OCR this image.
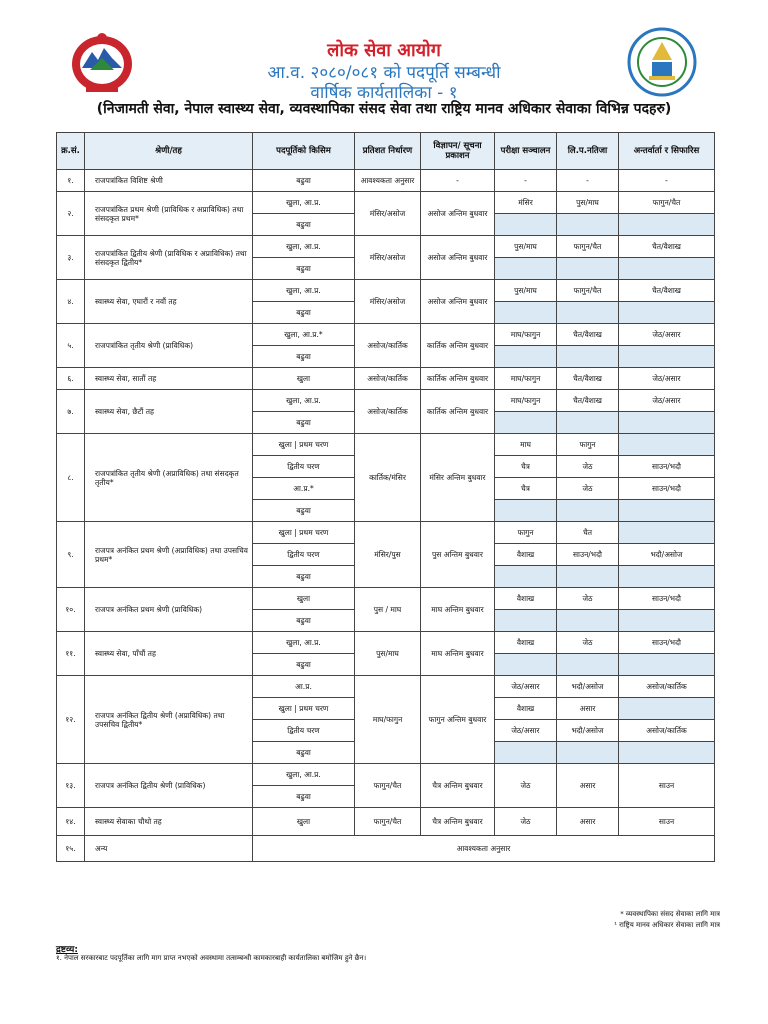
लोक सेवा आयोग
आ.व. २०८०/०८१ को पदपूर्ति सम्बन्धी
वार्षिक कार्यतालिका - १
(निजामती सेवा, नेपाल स्वास्थ्य सेवा, व्यवस्थापिका संसद सेवा तथा राष्ट्रिय मानव अधिकार सेवाका विभिन्न पदहरु)
क्र.सं.	श्रेणी/तह	पदपूर्तिको किसिम	प्रतिशत निर्धारण	विज्ञापन/ सूचना प्रकाशन	परीक्षा सञ्चालन	लि.प.नतिजा	अन्तर्वार्ता र सिफारिस
१.	राजपत्रांकित विशिष्ट श्रेणी	बढुवा	आवश्यकता अनुसार	-	-	-	-
२.	राजपत्रांकित प्रथम श्रेणी (प्राविधिक र अप्राविधिक) तथा संसदकृत प्रथम*	खुला, आ.प्र.	मंसिर/असोज	असोज अन्तिम बुधवार	मंसिर	पुस/माघ	फागुन/चैत
		बढुवा					
३.	राजपत्रांकित द्वितीय श्रेणी (प्राविधिक र अप्राविधिक) तथा संसदकृत द्वितीय*	खुला, आ.प्र.	मंसिर/असोज	असोज अन्तिम बुधवार	पुस/माघ	फागुन/चैत	चैत/वैशाख
		बढुवा					
४.	स्वास्थ्य सेवा, एघारौं र नवौं तह	खुला, आ.प्र.	मंसिर/असोज	असोज अन्तिम बुधवार	पुस/माघ	फागुन/चैत	चैत/वैशाख
		बढुवा					
५.	राजपत्रांकित तृतीय श्रेणी (प्राविधिक)	खुला, आ.प्र.*	असोज/कार्तिक	कार्तिक अन्तिम बुधवार	माघ/फागुन	चैत/वैशाख	जेठ/असार
		बढुवा					
६.	स्वास्थ्य सेवा, सातौं तह	खुला	असोज/कार्तिक	कार्तिक अन्तिम बुधवार	माघ/फागुन	चैत/वैशाख	जेठ/असार
७.	स्वास्थ्य सेवा, छैटौं तह	खुला, आ.प्र.	असोज/कार्तिक	कार्तिक अन्तिम बुधवार	माघ/फागुन	चैत/वैशाख	जेठ/असार
		बढुवा					
८.	राजपत्रांकित तृतीय श्रेणी (अप्राविधिक) तथा संसदकृत तृतीय*	खुला | प्रथम चरण	कार्तिक/मंसिर	मंसिर अन्तिम बुधवार	माघ	फागुन	
		द्वितीय चरण			चैत्र	जेठ	साउन/भदौ
		आ.प्र.*			चैत्र	जेठ	साउन/भदौ
		बढुवा					
९.	राजपत्र अनंकित प्रथम श्रेणी (अप्राविधिक) तथा उपसचिव प्रथम*	खुला | प्रथम चरण	मंसिर/पुस	पुस अन्तिम बुधवार	फागुन	चैत	
		द्वितीय चरण			वैशाख	साउन/भदौ	भदौ/असोज
		बढुवा					
१०.	राजपत्र अनंकित प्रथम श्रेणी (प्राविधिक)	खुला	पुस / माघ	माघ अन्तिम बुधवार	वैशाख	जेठ	साउन/भदौ
		बढुवा					
११.	स्वास्थ्य सेवा, पाँचौं तह	खुला, आ.प्र.	पुस/माघ	माघ अन्तिम बुधवार	वैशाख	जेठ	साउन/भदौ
		बढुवा					
१२.	राजपत्र अनंकित द्वितीय श्रेणी (अप्राविधिक) तथा उपसचिव द्वितीय*	आ.प्र.	माघ/फागुन	फागुन अन्तिम बुधवार	जेठ/असार	भदौ/असोज	असोज/कार्तिक
		खुला | प्रथम चरण			वैशाख	असार	
		द्वितीय चरण			जेठ/असार	भदौ/असोज	असोज/कार्तिक
		बढुवा					
१३.	राजपत्र अनंकित द्वितीय श्रेणी (प्राविधिक)	खुला, आ.प्र.	फागुन/चैत	चैत्र अन्तिम बुधवार	जेठ	असार	साउन
		बढुवा					
१४.	स्वास्थ्य सेवाका चौथो तह	खुला	फागुन/चैत	चैत्र अन्तिम बुधवार	जेठ	असार	साउन
१५.	अन्य	आवश्यकता अनुसार					
* व्यवस्थापिका संसद सेवाका लागि मात्र
¹ राष्ट्रिय मानव अधिकार सेवाका लागि मात्र
द्रष्टव्य:
१. नेपाल सरकारबाट पदपूर्तिका लागि माग प्राप्त नभएको अवस्थामा तत्सम्बन्धी कामकारबाही कार्यतालिका बमोजिम हुने छैन।
